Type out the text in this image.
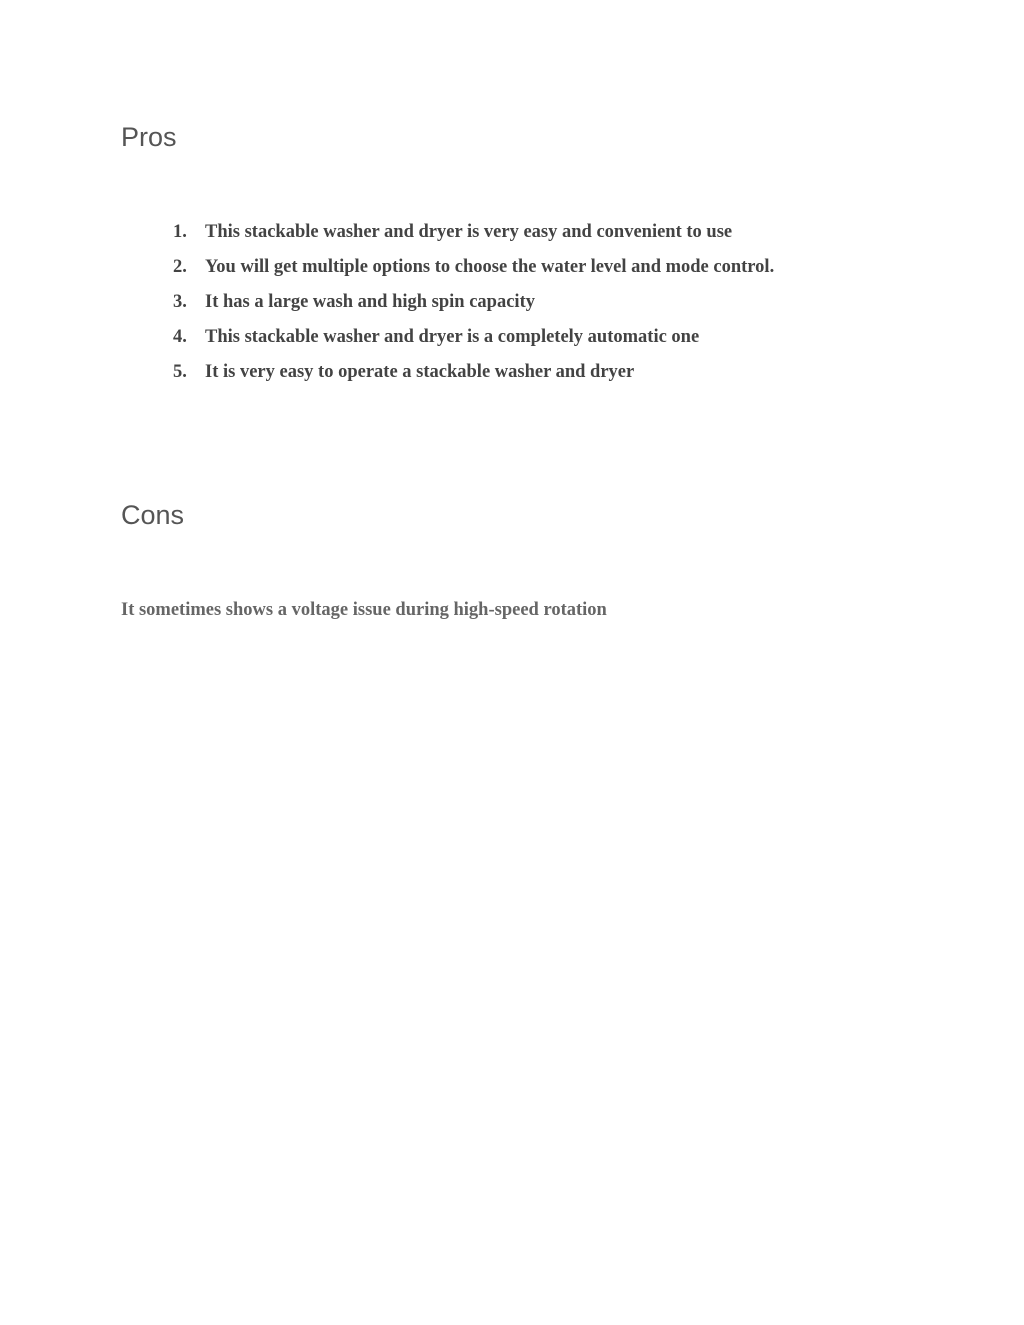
Pros
1. This stackable washer and dryer is very easy and convenient to use
2. You will get multiple options to choose the water level and mode control.
3. It has a large wash and high spin capacity
4. This stackable washer and dryer is a completely automatic one
5. It is very easy to operate a stackable washer and dryer
Cons

It sometimes shows a voltage issue during high-speed rotation
